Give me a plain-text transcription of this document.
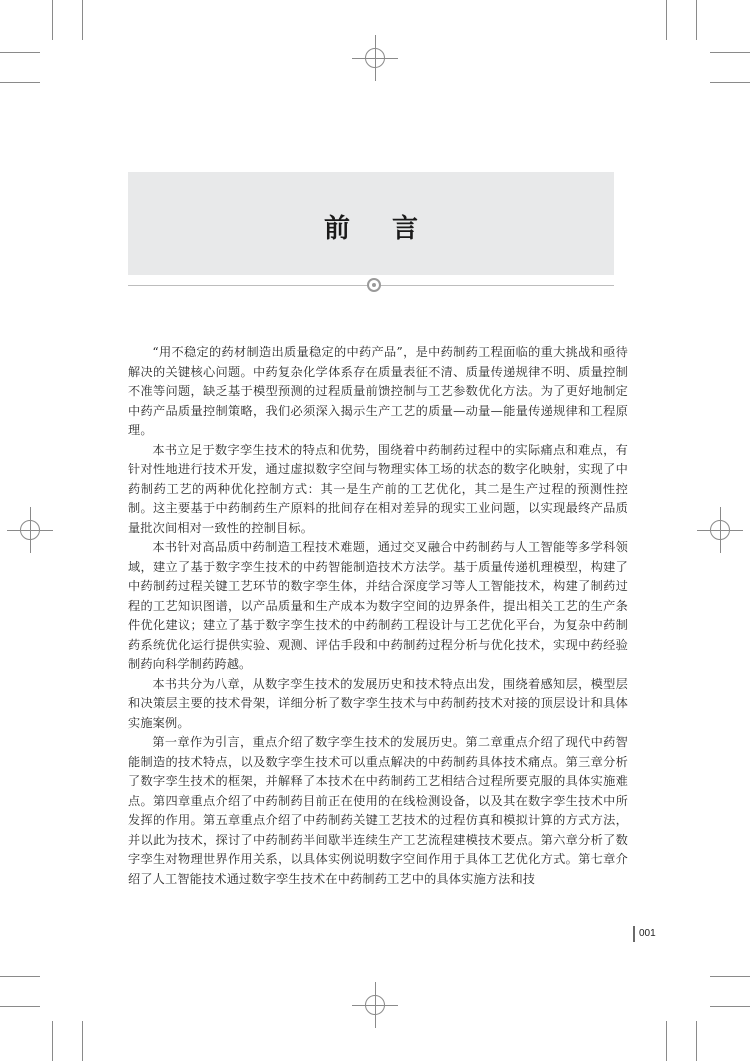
前言

“用不稳定的药材制造出质量稳定的中药产品”，是中药制药工程面临的重大挑战和亟待解决的关键核心问题。中药复杂化学体系存在质量表征不清、质量传递规律不明、质量控制不准等问题，缺乏基于模型预测的过程质量前馈控制与工艺参数优化方法。为了更好地制定中药产品质量控制策略，我们必须深入揭示生产工艺的质量—动量—能量传递规律和工程原理。

本书立足于数字孪生技术的特点和优势，围绕着中药制药过程中的实际痛点和难点，有针对性地进行技术开发，通过虚拟数字空间与物理实体工场的状态的数字化映射，实现了中药制药工艺的两种优化控制方式：其一是生产前的工艺优化，其二是生产过程的预测性控制。这主要基于中药制药生产原料的批间存在相对差异的现实工业问题，以实现最终产品质量批次间相对一致性的控制目标。

本书针对高品质中药制造工程技术难题，通过交叉融合中药制药与人工智能等多学科领域，建立了基于数字孪生技术的中药智能制造技术方法学。基于质量传递机理模型，构建了中药制药过程关键工艺环节的数字孪生体，并结合深度学习等人工智能技术，构建了制药过程的工艺知识图谱，以产品质量和生产成本为数字空间的边界条件，提出相关工艺的生产条件优化建议；建立了基于数字孪生技术的中药制药工程设计与工艺优化平台，为复杂中药制药系统优化运行提供实验、观测、评估手段和中药制药过程分析与优化技术，实现中药经验制药向科学制药跨越。

本书共分为八章，从数字孪生技术的发展历史和技术特点出发，围绕着感知层，模型层和决策层主要的技术骨架，详细分析了数字孪生技术与中药制药技术对接的顶层设计和具体实施案例。

第一章作为引言，重点介绍了数字孪生技术的发展历史。第二章重点介绍了现代中药智能制造的技术特点，以及数字孪生技术可以重点解决的中药制药具体技术痛点。第三章分析了数字孪生技术的框架，并解释了本技术在中药制药工艺相结合过程所要克服的具体实施难点。第四章重点介绍了中药制药目前正在使用的在线检测设备，以及其在数字孪生技术中所发挥的作用。第五章重点介绍了中药制药关键工艺技术的过程仿真和模拟计算的方式方法，并以此为技术，探讨了中药制药半间歇半连续生产工艺流程建模技术要点。第六章分析了数字孪生对物理世界作用关系，以具体实例说明数字空间作用于具体工艺优化方式。第七章介绍了人工智能技术通过数字孪生技术在中药制药工艺中的具体实施方法和技

001
